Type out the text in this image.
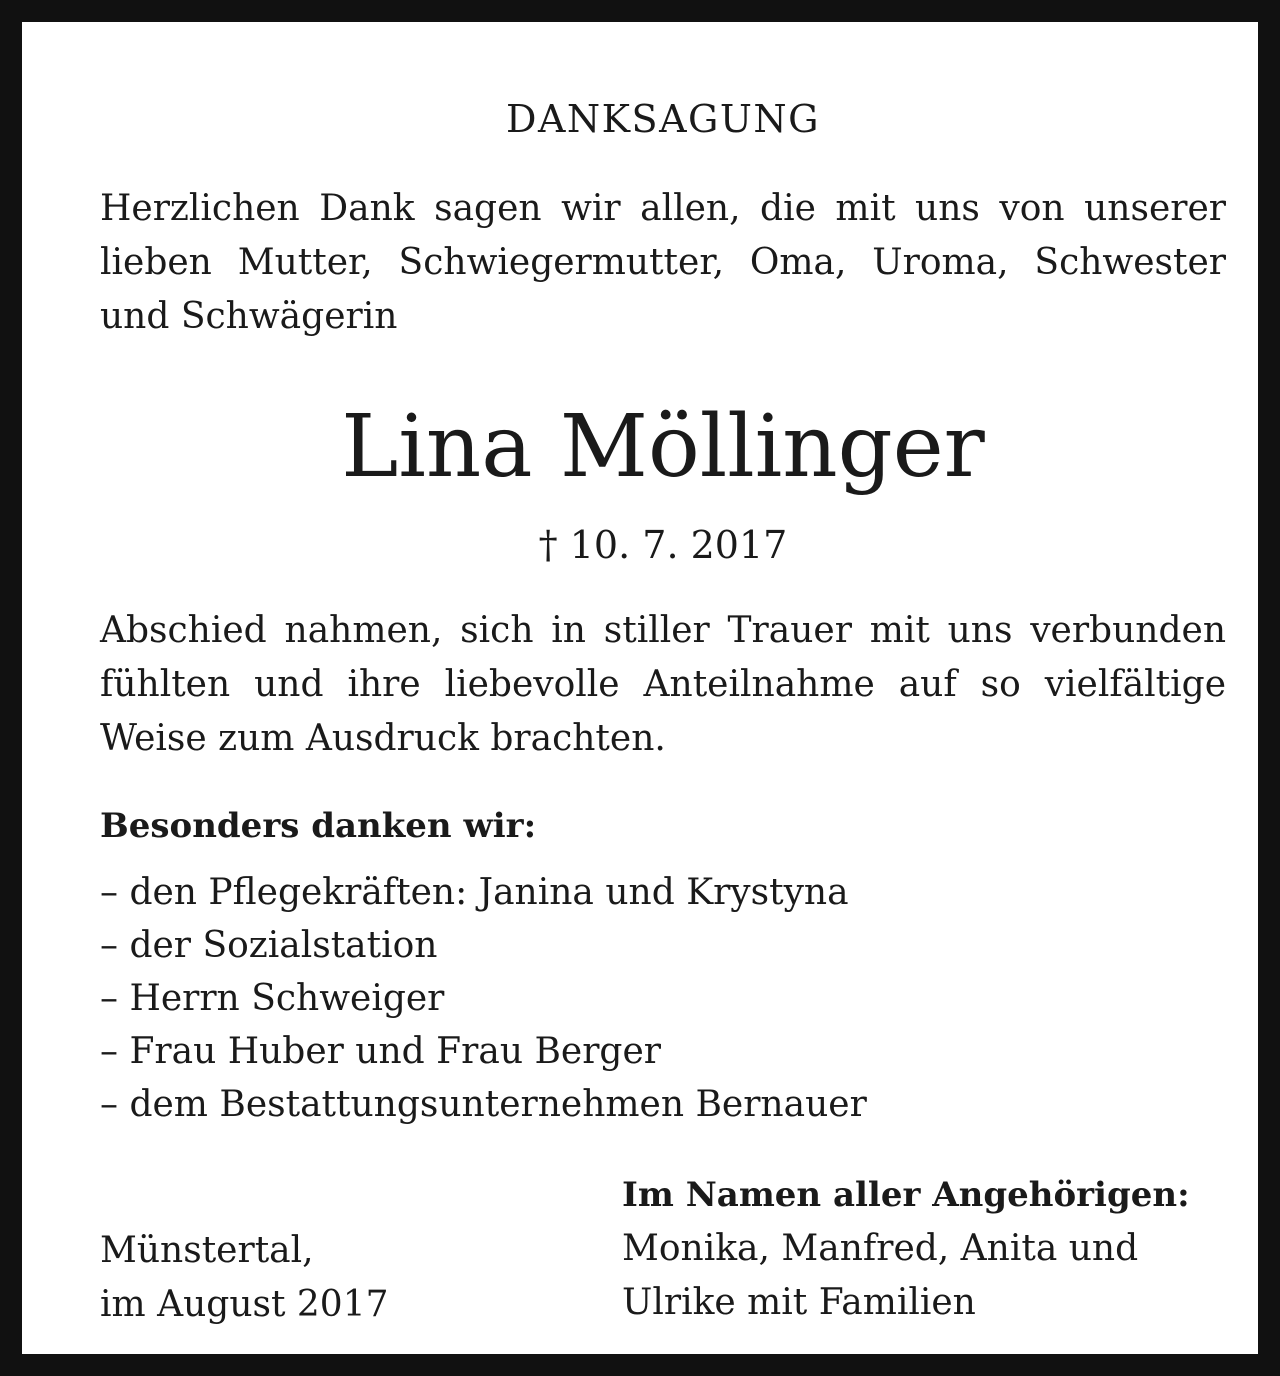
DANKSAGUNG
Herzlichen Dank sagen wir allen, die mit uns von unserer lieben Mutter, Schwiegermutter, Oma, Uroma, Schwester und Schwägerin
Lina Möllinger
† 10. 7. 2017
Abschied nahmen, sich in stiller Trauer mit uns verbunden fühlten und ihre liebevolle Anteilnahme auf so vielfältige Weise zum Ausdruck brachten.
Besonders danken wir:
– den Pflegekräften: Janina und Krystyna
– der Sozialstation
– Herrn Schweiger
– Frau Huber und Frau Berger
– dem Bestattungsunternehmen Bernauer
Münstertal,
im August 2017
Im Namen aller Angehörigen:
Monika, Manfred, Anita und
Ulrike mit Familien
